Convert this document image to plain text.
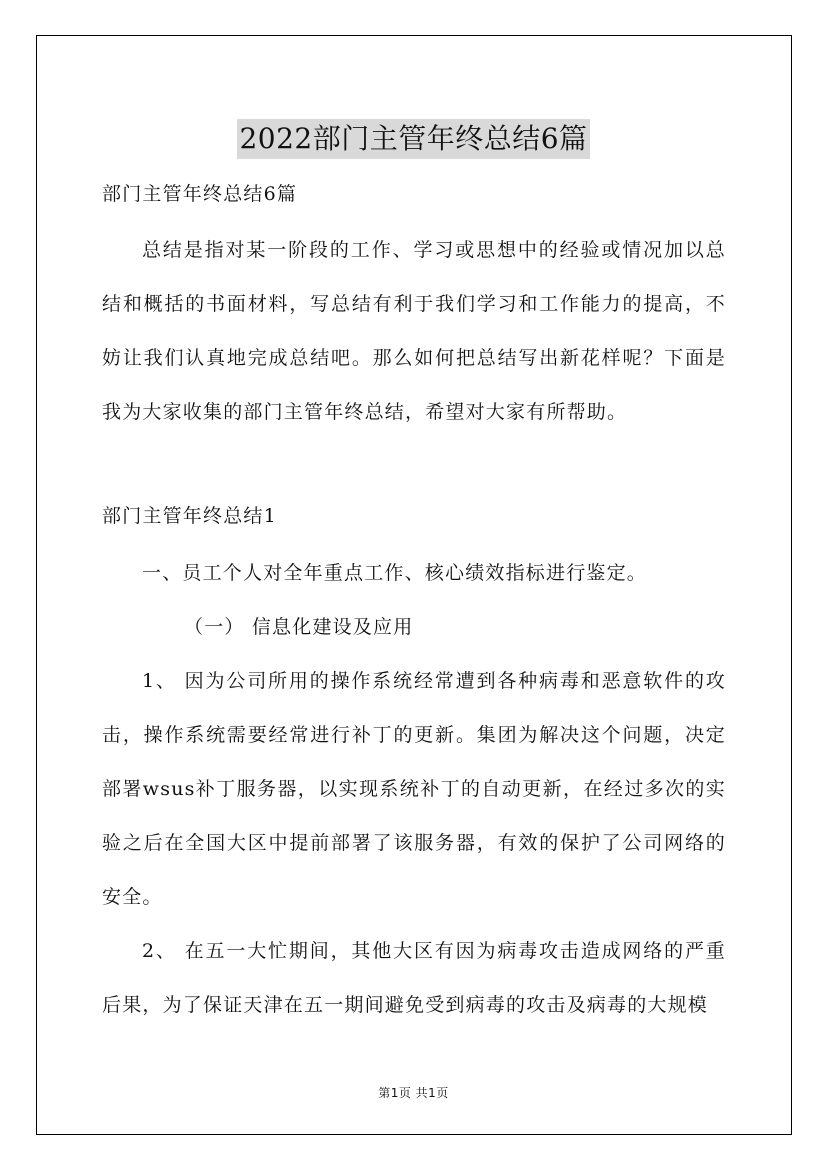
2022部门主管年终总结6篇

部门主管年终总结6篇

总结是指对某一阶段的工作、学习或思想中的经验或情况加以总结和概括的书面材料，写总结有利于我们学习和工作能力的提高，不妨让我们认真地完成总结吧。那么如何把总结写出新花样呢？下面是我为大家收集的部门主管年终总结，希望对大家有所帮助。

部门主管年终总结1

一、员工个人对全年重点工作、核心绩效指标进行鉴定。

（一） 信息化建设及应用

1、 因为公司所用的操作系统经常遭到各种病毒和恶意软件的攻击，操作系统需要经常进行补丁的更新。集团为解决这个问题，决定部署wsus补丁服务器，以实现系统补丁的自动更新，在经过多次的实验之后在全国大区中提前部署了该服务器，有效的保护了公司网络的安全。

2、 在五一大忙期间，其他大区有因为病毒攻击造成网络的严重后果，为了保证天津在五一期间避免受到病毒的攻击及病毒的大规模

第1页 共1页
